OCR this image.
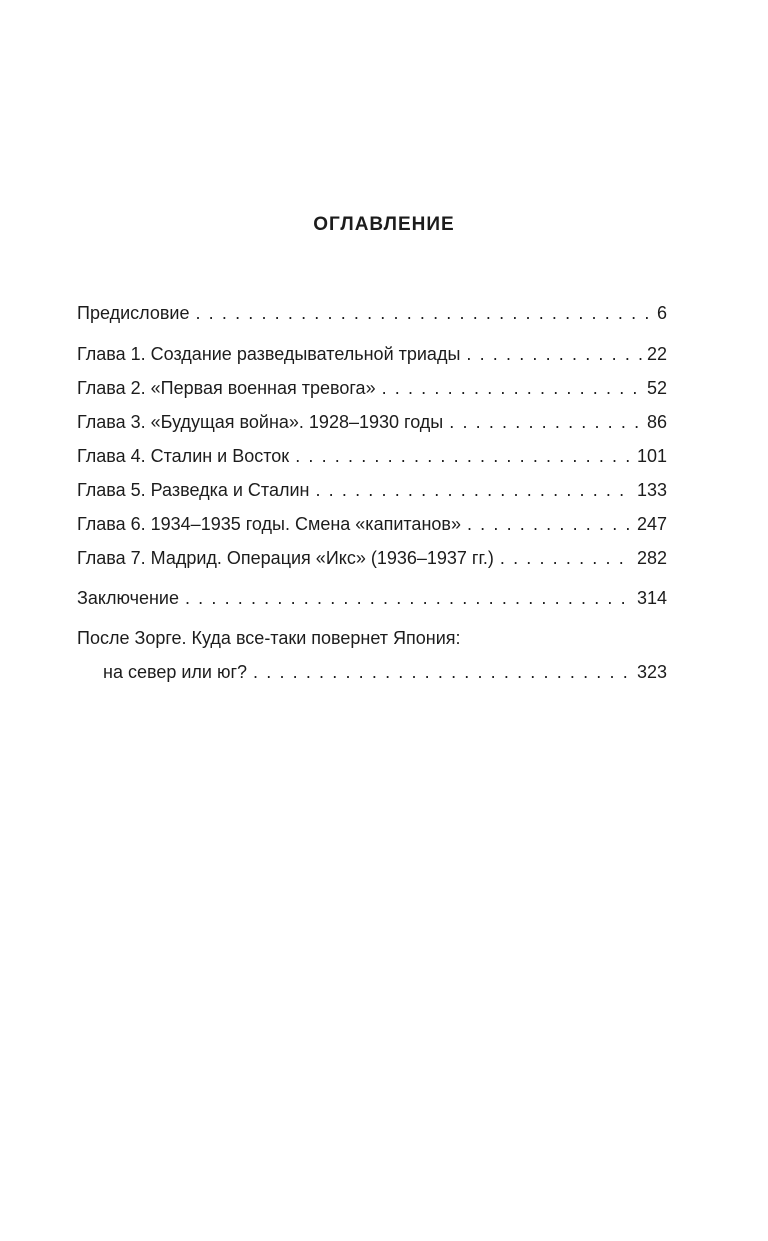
ОГЛАВЛЕНИЕ
Предисловие . . .	6
Глава 1. Создание разведывательной триады . . .	22
Глава 2. «Первая военная тревога» . . .	52
Глава 3. «Будущая война». 1928–1930 годы . . .	86
Глава 4. Сталин и Восток . . .	101
Глава 5. Разведка и Сталин . . .	133
Глава 6. 1934–1935 годы. Смена «капитанов» . . .	247
Глава 7. Мадрид. Операция «Икс» (1936–1937 гг.) . . .	282
Заключение . . .	314
После Зорге. Куда все-таки повернет Япония:
на север или юг? . . .	323
